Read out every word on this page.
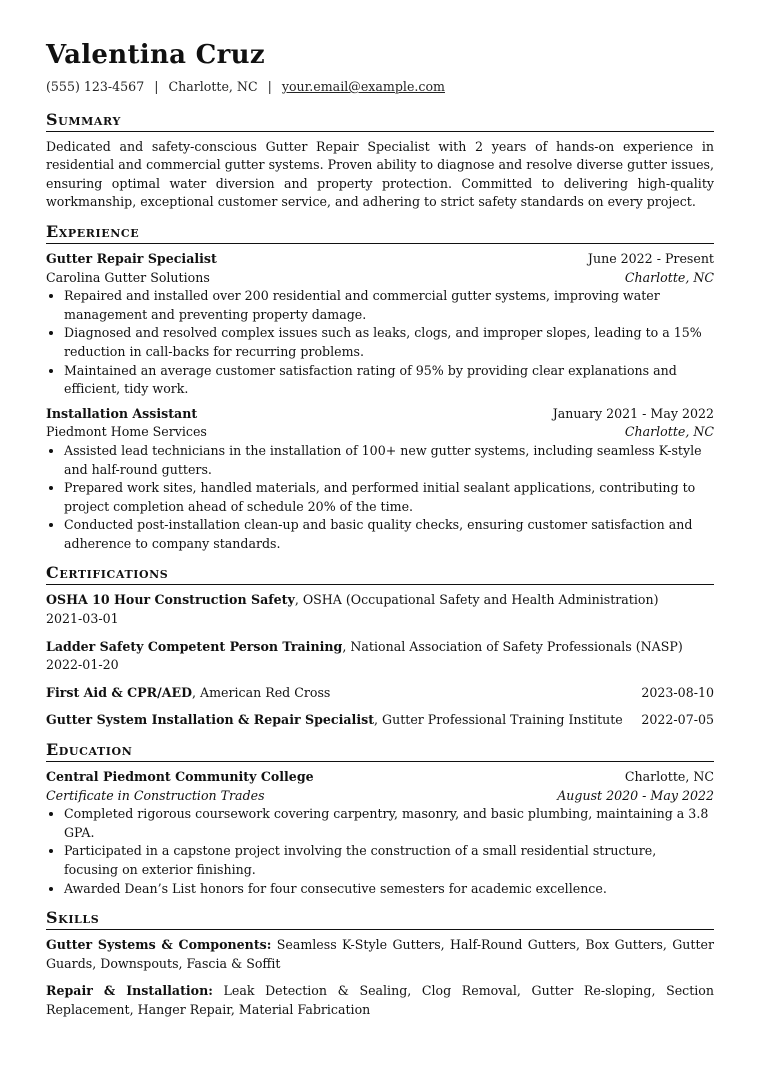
Valentina Cruz
(555) 123-4567 | Charlotte, NC | your.email@example.com
Summary
Dedicated and safety-conscious Gutter Repair Specialist with 2 years of hands-on experience in residential and commercial gutter systems. Proven ability to diagnose and resolve diverse gutter issues, ensuring optimal water diversion and property protection. Committed to delivering high-quality workmanship, exceptional customer service, and adhering to strict safety standards on every project.
Experience
Gutter Repair Specialist	June 2022 - Present
Carolina Gutter Solutions	Charlotte, NC
• Repaired and installed over 200 residential and commercial gutter systems, improving water management and preventing property damage.
• Diagnosed and resolved complex issues such as leaks, clogs, and improper slopes, leading to a 15% reduction in call-backs for recurring problems.
• Maintained an average customer satisfaction rating of 95% by providing clear explanations and efficient, tidy work.
Installation Assistant	January 2021 - May 2022
Piedmont Home Services	Charlotte, NC
• Assisted lead technicians in the installation of 100+ new gutter systems, including seamless K-style and half-round gutters.
• Prepared work sites, handled materials, and performed initial sealant applications, contributing to project completion ahead of schedule 20% of the time.
• Conducted post-installation clean-up and basic quality checks, ensuring customer satisfaction and adherence to company standards.
Certifications
OSHA 10 Hour Construction Safety, OSHA (Occupational Safety and Health Administration)
2021-03-01
Ladder Safety Competent Person Training, National Association of Safety Professionals (NASP)
2022-01-20
First Aid & CPR/AED, American Red Cross	2023-08-10
Gutter System Installation & Repair Specialist, Gutter Professional Training Institute 2022-07-05
Education
Central Piedmont Community College	Charlotte, NC
Certificate in Construction Trades	August 2020 - May 2022
• Completed rigorous coursework covering carpentry, masonry, and basic plumbing, maintaining a 3.8 GPA.
• Participated in a capstone project involving the construction of a small residential structure, focusing on exterior finishing.
• Awarded Dean’s List honors for four consecutive semesters for academic excellence.
Skills
Gutter Systems & Components: Seamless K-Style Gutters, Half-Round Gutters, Box Gutters, Gutter Guards, Downspouts, Fascia & Soffit
Repair & Installation: Leak Detection & Sealing, Clog Removal, Gutter Re-sloping, Section Replacement, Hanger Repair, Material Fabrication
